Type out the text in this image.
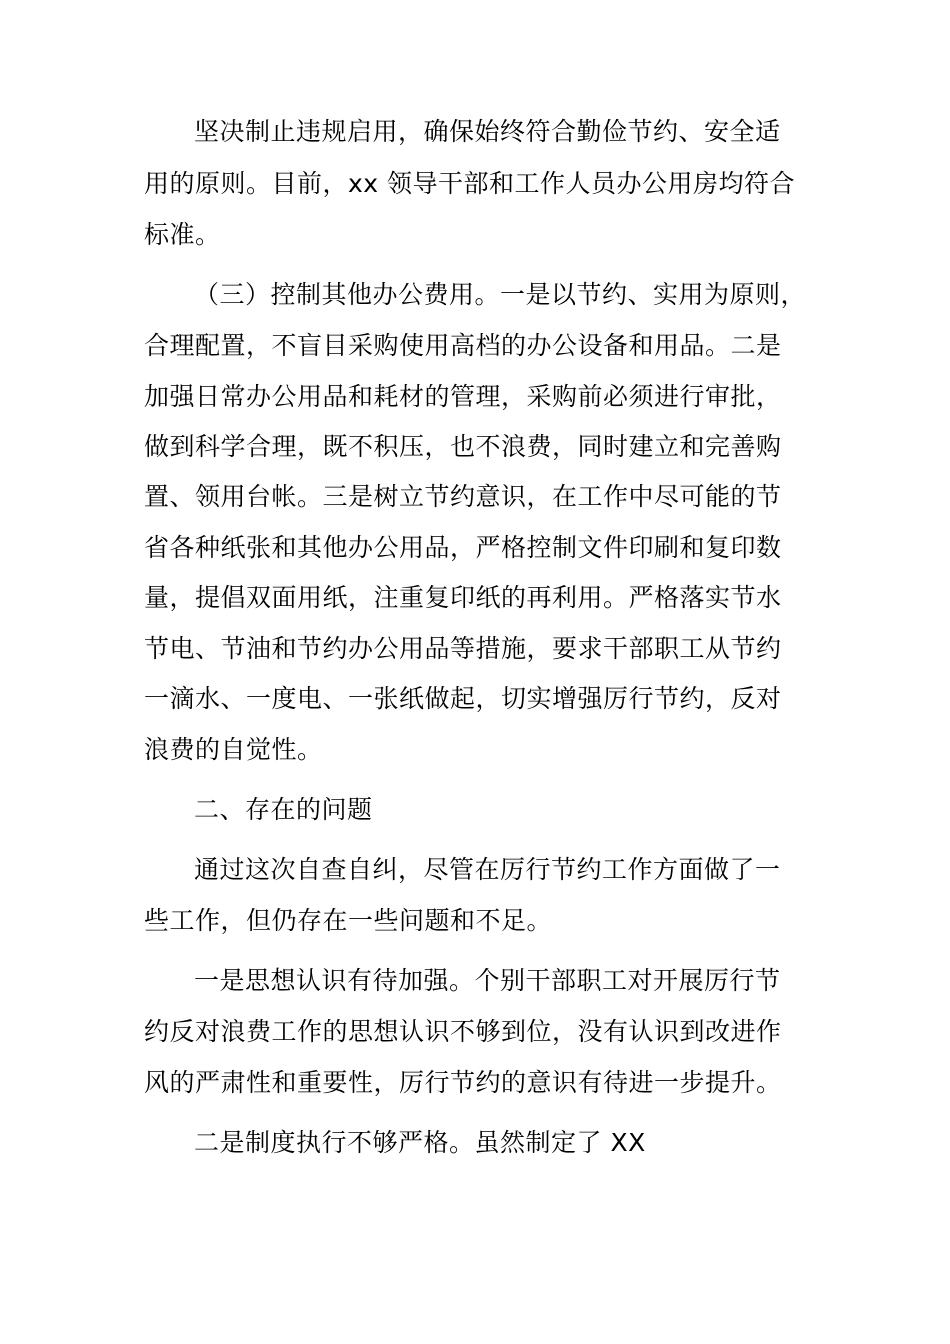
坚决制止违规启用，确保始终符合勤俭节约、安全适
用的原则。目前，xx 领导干部和工作人员办公用房均符合
标准。
（三）控制其他办公费用。一是以节约、实用为原则，
合理配置，不盲目采购使用高档的办公设备和用品。二是
加强日常办公用品和耗材的管理，采购前必须进行审批，
做到科学合理，既不积压，也不浪费，同时建立和完善购
置、领用台帐。三是树立节约意识，在工作中尽可能的节
省各种纸张和其他办公用品，严格控制文件印刷和复印数
量，提倡双面用纸，注重复印纸的再利用。严格落实节水
节电、节油和节约办公用品等措施，要求干部职工从节约
一滴水、一度电、一张纸做起，切实增强厉行节约，反对
浪费的自觉性。
二、存在的问题
通过这次自查自纠，尽管在厉行节约工作方面做了一
些工作，但仍存在一些问题和不足。
一是思想认识有待加强。个别干部职工对开展厉行节
约反对浪费工作的思想认识不够到位，没有认识到改进作
风的严肃性和重要性，厉行节约的意识有待进一步提升。
二是制度执行不够严格。虽然制定了 XX
